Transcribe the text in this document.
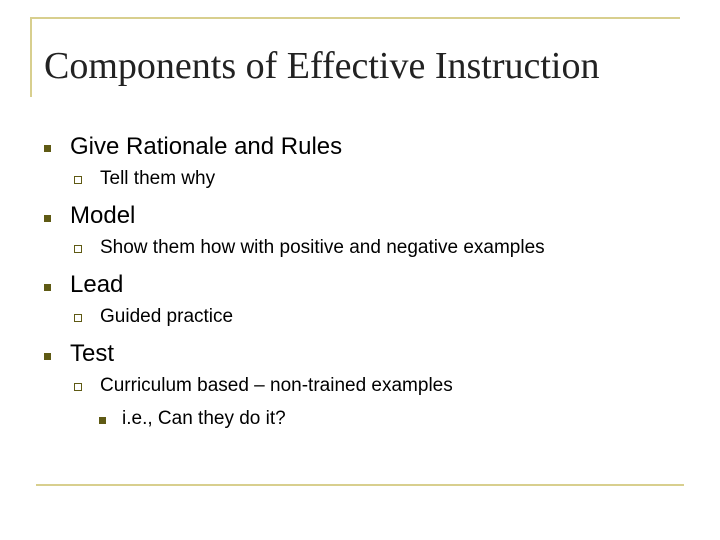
Components of Effective Instruction
Give Rationale and Rules
Tell them why
Model
Show them how with positive and negative examples
Lead
Guided practice
Test
Curriculum based – non-trained examples
i.e., Can they do it?
